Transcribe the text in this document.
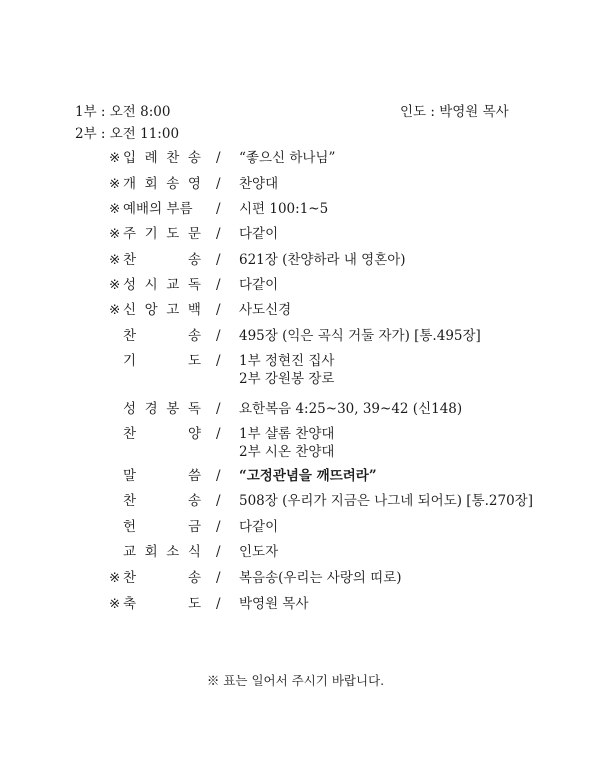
1부 : 오전 8:00
2부 : 오전 11:00
인도 : 박영원 목사
※ 입 례 찬 송 / “좋으신 하나님”
※ 개 회 송 영 / 찬양대
※ 예배의 부름	/ 시편 100:1~5
※ 주 기 도 문 / 다같이
※ 찬	송 / 621장 (찬양하라 내 영혼아)
※ 성 시 교 독 / 다같이
※ 신 앙 고 백 / 사도신경
찬	송 / 495장 (익은 곡식 거둘 자가) [통.495장]
기	도 / 1부 정현진 집사
2부 강원봉 장로
성 경 봉 독 / 요한복음 4:25~30, 39~42 (신148)
찬	양 / 1부 샬롬 찬양대
2부 시온 찬양대
말	씀 / “고정관념을 깨뜨려라”
찬	송 / 508장 (우리가 지금은 나그네 되어도) [통.270장]
헌	금 / 다같이
교 회 소 식 / 인도자
※ 찬	송 / 복음송(우리는 사랑의 띠로)
※ 축	도 / 박영원 목사
※ 표는 일어서 주시기 바랍니다.
